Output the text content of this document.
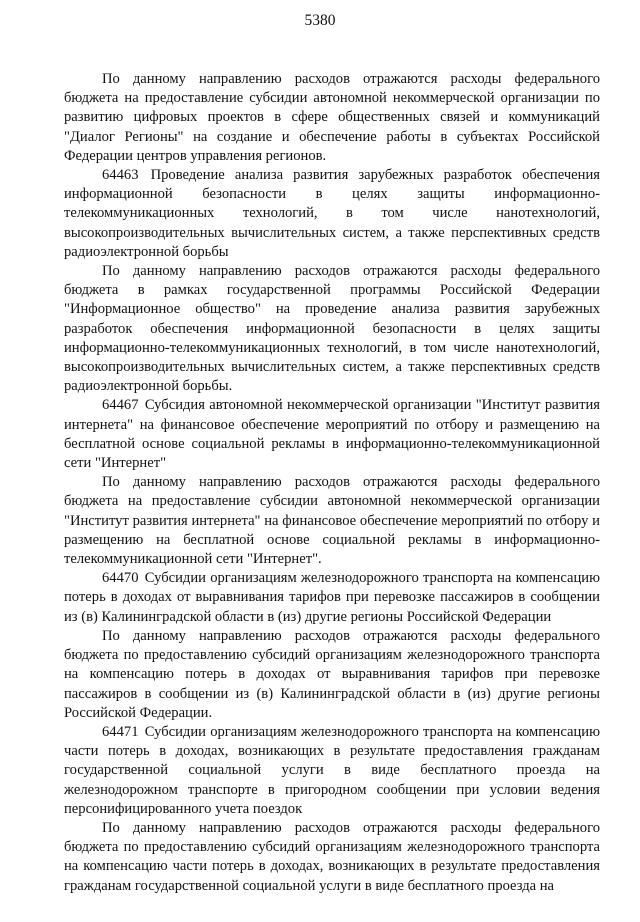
5380

По данному направлению расходов отражаются расходы федерального бюджета на предоставление субсидии автономной некоммерческой организации по развитию цифровых проектов в сфере общественных связей и коммуникаций "Диалог Регионы" на создание и обеспечение работы в субъектах Российской Федерации центров управления регионов.

64463 Проведение анализа развития зарубежных разработок обеспечения информационной безопасности в целях защиты информационно-телекоммуникационных технологий, в том числе нанотехнологий, высокопроизводительных вычислительных систем, а также перспективных средств радиоэлектронной борьбы

По данному направлению расходов отражаются расходы федерального бюджета в рамках государственной программы Российской Федерации "Информационное общество" на проведение анализа развития зарубежных разработок обеспечения информационной безопасности в целях защиты информационно-телекоммуникационных технологий, в том числе нанотехнологий, высокопроизводительных вычислительных систем, а также перспективных средств радиоэлектронной борьбы.

64467 Субсидия автономной некоммерческой организации "Институт развития интернета" на финансовое обеспечение мероприятий по отбору и размещению на бесплатной основе социальной рекламы в информационно-телекоммуникационной сети "Интернет"

По данному направлению расходов отражаются расходы федерального бюджета на предоставление субсидии автономной некоммерческой организации "Институт развития интернета" на финансовое обеспечение мероприятий по отбору и размещению на бесплатной основе социальной рекламы в информационно-телекоммуникационной сети "Интернет".

64470 Субсидии организациям железнодорожного транспорта на компенсацию потерь в доходах от выравнивания тарифов при перевозке пассажиров в сообщении из (в) Калининградской области в (из) другие регионы Российской Федерации

По данному направлению расходов отражаются расходы федерального бюджета по предоставлению субсидий организациям железнодорожного транспорта на компенсацию потерь в доходах от выравнивания тарифов при перевозке пассажиров в сообщении из (в) Калининградской области в (из) другие регионы Российской Федерации.

64471 Субсидии организациям железнодорожного транспорта на компенсацию части потерь в доходах, возникающих в результате предоставления гражданам государственной социальной услуги в виде бесплатного проезда на железнодорожном транспорте в пригородном сообщении при условии ведения персонифицированного учета поездок

По данному направлению расходов отражаются расходы федерального бюджета по предоставлению субсидий организациям железнодорожного транспорта на компенсацию части потерь в доходах, возникающих в результате предоставления гражданам государственной социальной услуги в виде бесплатного проезда на
